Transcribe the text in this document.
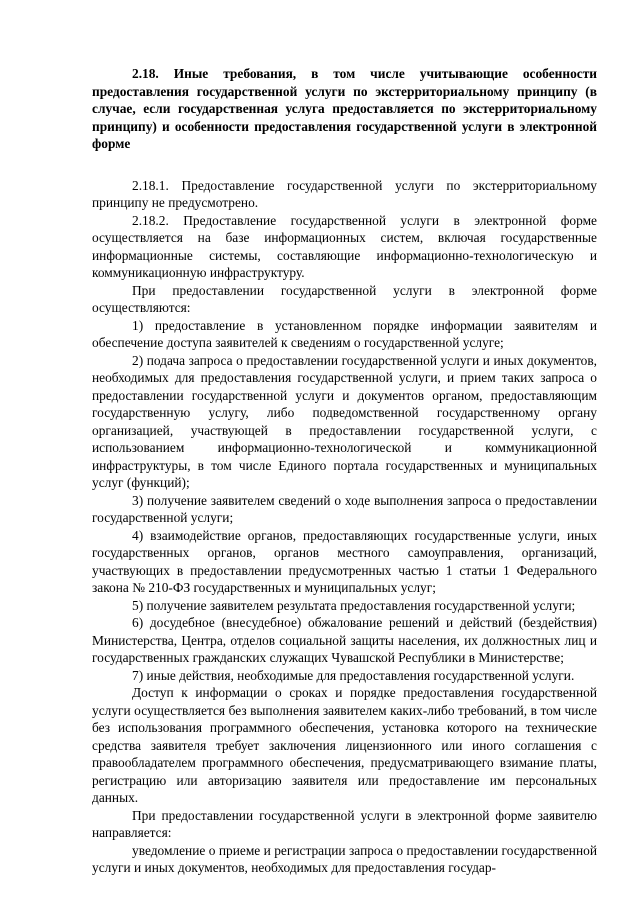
2.18. Иные требования, в том числе учитывающие особенности предоставления государственной услуги по экстерриториальному принципу (в случае, если государственная услуга предоставляется по экстерриториальному принципу) и особенности предоставления государственной услуги в электронной форме

2.18.1. Предоставление государственной услуги по экстерриториальному принципу не предусмотрено.

2.18.2. Предоставление государственной услуги в электронной форме осуществляется на базе информационных систем, включая государственные информационные системы, составляющие информационно-технологическую и коммуникационную инфраструктуру.

При предоставлении государственной услуги в электронной форме осуществляются:

1) предоставление в установленном порядке информации заявителям и обеспечение доступа заявителей к сведениям о государственной услуге;

2) подача запроса о предоставлении государственной услуги и иных документов, необходимых для предоставления государственной услуги, и прием таких запроса о предоставлении государственной услуги и документов органом, предоставляющим государственную услугу, либо подведомственной государственному органу организацией, участвующей в предоставлении государственной услуги, с использованием информационно-технологической и коммуникационной инфраструктуры, в том числе Единого портала государственных и муниципальных услуг (функций);

3) получение заявителем сведений о ходе выполнения запроса о предоставлении государственной услуги;

4) взаимодействие органов, предоставляющих государственные услуги, иных государственных органов, органов местного самоуправления, организаций, участвующих в предоставлении предусмотренных частью 1 статьи 1 Федерального закона № 210-ФЗ государственных и муниципальных услуг;

5) получение заявителем результата предоставления государственной услуги;

6) досудебное (внесудебное) обжалование решений и действий (бездействия) Министерства, Центра, отделов социальной защиты населения, их должностных лиц и государственных гражданских служащих Чувашской Республики в Министерстве;

7) иные действия, необходимые для предоставления государственной услуги.

Доступ к информации о сроках и порядке предоставления государственной услуги осуществляется без выполнения заявителем каких-либо требований, в том числе без использования программного обеспечения, установка которого на технические средства заявителя требует заключения лицензионного или иного соглашения с правообладателем программного обеспечения, предусматривающего взимание платы, регистрацию или авторизацию заявителя или предоставление им персональных данных.

При предоставлении государственной услуги в электронной форме заявителю направляется:

уведомление о приеме и регистрации запроса о предоставлении государственной услуги и иных документов, необходимых для предоставления государ-
